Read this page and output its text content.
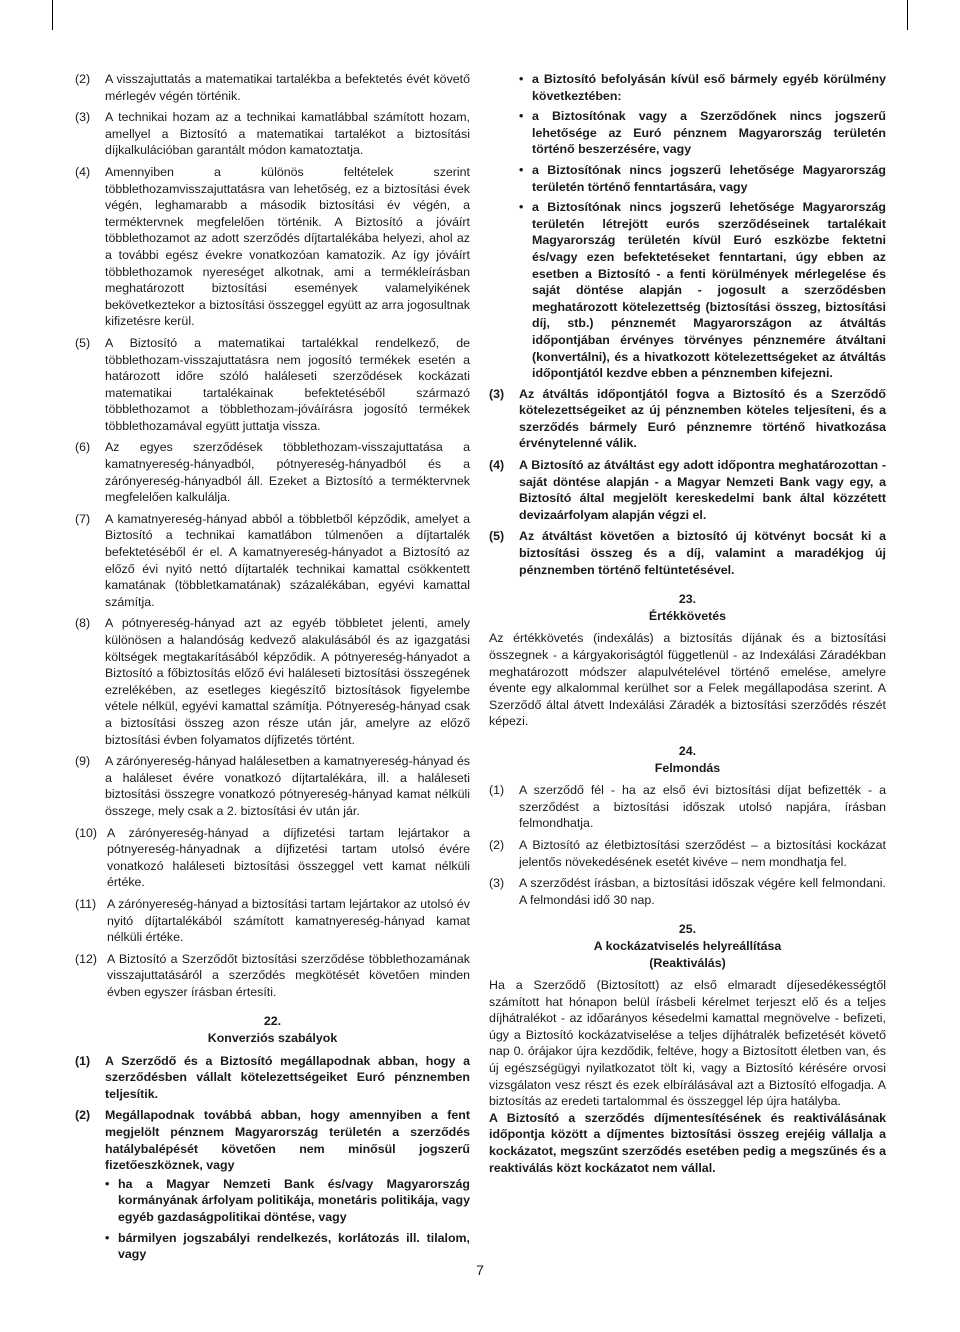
(2)	A visszajuttatás a matematikai tartalékba a befektetés évét követő mérlegév végén történik.
(3)	A technikai hozam az a technikai kamatlábbal számított hozam, amellyel a Biztosító a matematikai tartalékot a biztosítási díjkalkulációban garantált módon kamatoztatja.
(4)	Amennyiben a különös feltételek szerint többlethozamvisszajuttatásra van lehetőség, ez a biztosítási évek végén, leghamarabb a második biztosítási év végén, a terméktervnek megfelelően történik. A Biztosító a jóváírt többlethozamot az adott szerződés díjtartalékába helyezi, ahol az a további egész évekre vonatkozóan kamatozik. Az így jóváírt többlethozamok nyereséget alkotnak, ami a termékleírásban meghatározott biztosítási események valamelyikének bekövetkeztekor a biztosítási összeggel együtt az arra jogosultnak kifizetésre kerül.
(5)	A Biztosító a matematikai tartalékkal rendelkező, de többlethozam-visszajuttatásra nem jogosító termékek esetén a határozott időre szóló haláleseti szerződések kockázati matematikai tartalékainak befektetéséből származó többlethozamot a többlethozam-jóváírásra jogosító termékek többlethozamával együtt juttatja vissza.
(6)	Az egyes szerződések többlethozam-visszajuttatása a kamatnyereség-hányadból, pótnyereség-hányadból és a zárónyereség-hányadból áll. Ezeket a Biztosító a terméktervnek megfelelően kalkulálja.
(7)	A kamatnyereség-hányad abból a többletből képződik, amelyet a Biztosító a technikai kamatlábon túlmenően a díjtartalék befektetéséből ér el. A kamatnyereség-hányadot a Biztosító az előző évi nyitó nettó díjtartalék technikai kamattal csökkentett kamatának (többletkamatának) százalékában, egyévi kamattal számítja.
(8)	A pótnyereség-hányad azt az egyéb többletet jelenti, amely különösen a halandóság kedvező alakulásából és az igazgatási költségek megtakarításából képződik. A pótnyereség-hányadot a Biztosító a főbiztosítás előző évi haláleseti biztosítási összegének ezrelékében, az esetleges kiegészítő biztosítások figyelembe vétele nélkül, egyévi kamattal számítja. Pótnyereség-hányad csak a biztosítási összeg azon része után jár, amelyre az előző biztosítási évben folyamatos díjfizetés történt.
(9)	A zárónyereség-hányad halálesetben a kamatnyereség-hányad és a haláleset évére vonatkozó díjtartalékára, ill. a haláleseti biztosítási összegre vonatkozó pótnyereség-hányad kamat nélküli összege, mely csak a 2. biztosítási év után jár.
(10) A zárónyereség-hányad a díjfizetési tartam lejártakor a pótnyereség-hányadnak a díjfizetési tartam utolsó évére vonatkozó haláleseti biztosítási összeggel vett kamat nélküli értéke.
(11) A zárónyereség-hányad a biztosítási tartam lejártakor az utolsó év nyitó díjtartalékából számított kamatnyereség-hányad kamat nélküli értéke.
(12) A Biztosító a Szerződőt biztosítási szerződése többlethozamának visszajuttatásáról a szerződés megkötését követően minden évben egyszer írásban értesíti.
22.
Konverziós szabályok
(1)	A Szerződő és a Biztosító megállapodnak abban, hogy a szerződésben vállalt kötelezettségeiket Euró pénznemben teljesítik.
(2)	Megállapodnak továbbá abban, hogy amennyiben a fent megjelölt pénznem Magyarország területén a szerződés hatálybalépését követően nem minősül jogszerű fizetőeszköznek, vagy
• ha a Magyar Nemzeti Bank és/vagy Magyarország kormányának árfolyam politikája, monetáris politikája, vagy egyéb gazdaságpolitikai döntése, vagy
• bármilyen jogszabályi rendelkezés, korlátozás ill. tilalom, vagy
• a Biztosító befolyásán kívül eső bármely egyéb körülmény következtében:
• a Biztosítónak vagy a Szerződőnek nincs jogszerű lehetősége az Euró pénznem Magyarország területén történő beszerzésére, vagy
• a Biztosítónak nincs jogszerű lehetősége Magyarország területén történő fenntartására, vagy
• a Biztosítónak nincs jogszerű lehetősége Magyarország területén létrejött eurós szerződéseinek tartalékait Magyarország területén kívül Euró eszközbe fektetni és/vagy ezen befektetéseket fenntartani, úgy ebben az esetben a Biztosító - a fenti körülmények mérlegelése és saját döntése alapján - jogosult a szerződésben meghatározott kötelezettség (biztosítási összeg, biztosítási díj, stb.) pénznemét Magyarországon az átváltás időpontjában érvényes törvényes pénznemére átváltani (konvertálni), és a hivatkozott kötelezettségeket az átváltás időpontjától kezdve ebben a pénznemben kifejezni.
(3)	Az átváltás időpontjától fogva a Biztosító és a Szerződő kötelezettségeiket az új pénznemben köteles teljesíteni, és a szerződés bármely Euró pénznemre történő hivatkozása érvénytelenné válik.
(4)	A Biztosító az átváltást egy adott időpontra meghatározottan - saját döntése alapján - a Magyar Nemzeti Bank vagy egy, a Biztosító által megjelölt kereskedelmi bank által közzétett devizaárfolyam alapján végzi el.
(5)	Az átváltást követően a biztosító új kötvényt bocsát ki a biztosítási összeg és a díj, valamint a maradékjog új pénznemben történő feltüntetésével.
23.
Értékkövetés

Az értékkövetés (indexálás) a biztosítás díjának és a biztosítási összegnek - a kárgyakoriságtól függetlenül - az Indexálási Záradékban meghatározott módszer alapulvételével történő emelése, amelyre évente egy alkalommal kerülhet sor a Felek megállapodása szerint. A Szerződő által átvett Indexálási Záradék a biztosítási szerződés részét képezi.

24.
Felmondás
(1)	A szerződő fél - ha az első évi biztosítási díjat befizették - a szerződést a biztosítási időszak utolsó napjára, írásban felmondhatja.
(2)	A Biztosító az életbiztosítási szerződést – a biztosítási kockázat jelentős növekedésének esetét kivéve – nem mondhatja fel.
(3)	A szerződést írásban, a biztosítási időszak végére kell felmondani. A felmondási idő 30 nap.
25.
A kockázatviselés helyreállítása
(Reaktiválás)

Ha a Szerződő (Biztosított) az első elmaradt díjesedékességtől számított hat hónapon belül írásbeli kérelmet terjeszt elő és a teljes díjhátralékot - az időarányos késedelmi kamattal megnövelve - befizeti, úgy a Biztosító kockázatviselése a teljes díjhátralék befizetését követő nap 0. órájakor újra kezdődik, feltéve, hogy a Biztosított életben van, és új egészségügyi nyilatkozatot tölt ki, vagy a Biztosító kérésére orvosi vizsgálaton vesz részt és ezek elbírálásával azt a Biztosító elfogadja. A biztosítás az eredeti tartalommal és összeggel lép újra hatályba.

A Biztosító a szerződés díjmentesítésének és reaktiválásának időpontja között a díjmentes biztosítási összeg erejéig vállalja a kockázatot, megszűnt szerződés esetében pedig a megszűnés és a reaktiválás közt kockázatot nem vállal.

7
